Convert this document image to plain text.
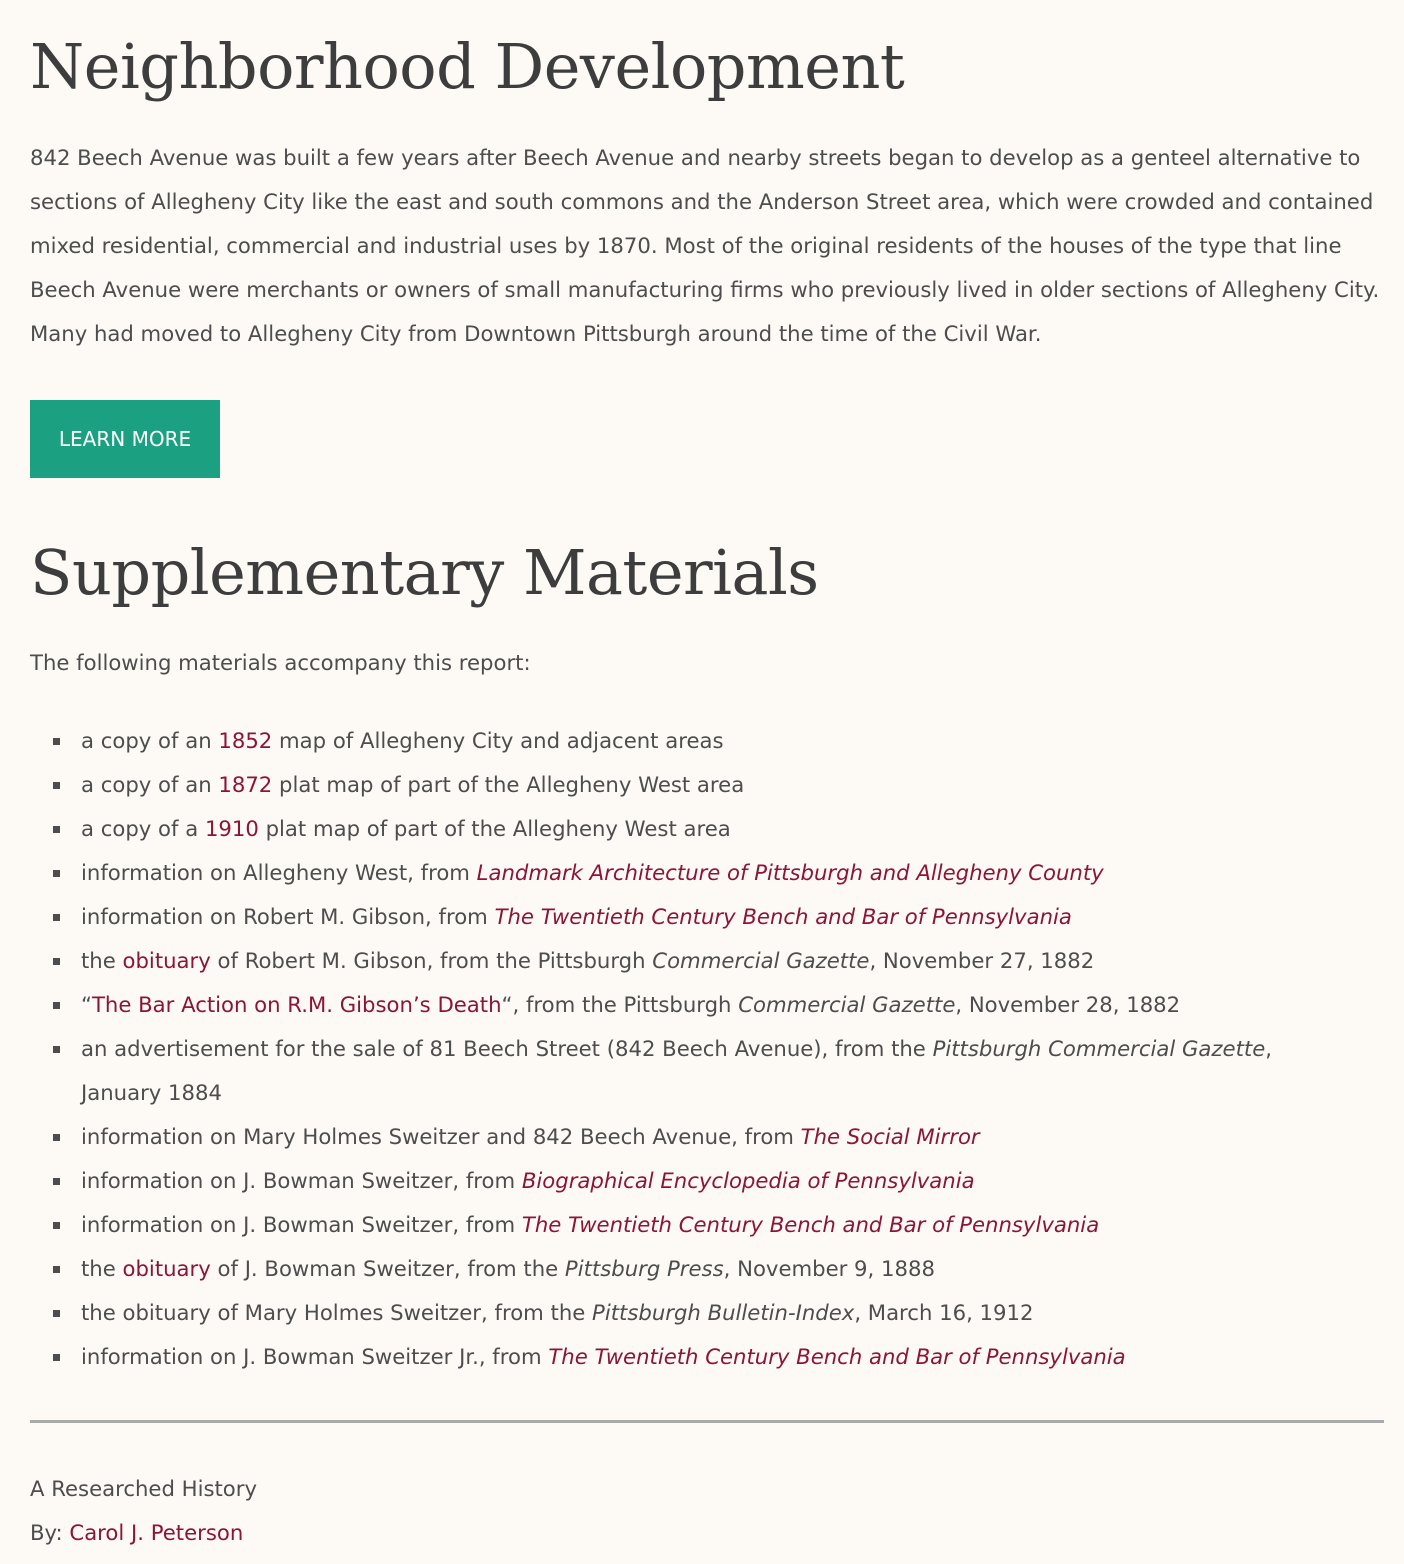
Neighborhood Development

842 Beech Avenue was built a few years after Beech Avenue and nearby streets began to develop as a genteel alternative to sections of Allegheny City like the east and south commons and the Anderson Street area, which were crowded and contained mixed residential, commercial and industrial uses by 1870. Most of the original residents of the houses of the type that line Beech Avenue were merchants or owners of small manufacturing firms who previously lived in older sections of Allegheny City. Many had moved to Allegheny City from Downtown Pittsburgh around the time of the Civil War.

LEARN MORE
Supplementary Materials

The following materials accompany this report:

a copy of an 1852 map of Allegheny City and adjacent areas
a copy of an 1872 plat map of part of the Allegheny West area
a copy of a 1910 plat map of part of the Allegheny West area
information on Allegheny West, from Landmark Architecture of Pittsburgh and Allegheny County
information on Robert M. Gibson, from The Twentieth Century Bench and Bar of Pennsylvania
the obituary of Robert M. Gibson, from the Pittsburgh Commercial Gazette, November 27, 1882
“The Bar Action on R.M. Gibson’s Death“, from the Pittsburgh Commercial Gazette, November 28, 1882
an advertisement for the sale of 81 Beech Street (842 Beech Avenue), from the Pittsburgh Commercial Gazette, January 1884
information on Mary Holmes Sweitzer and 842 Beech Avenue, from The Social Mirror
information on J. Bowman Sweitzer, from Biographical Encyclopedia of Pennsylvania
information on J. Bowman Sweitzer, from The Twentieth Century Bench and Bar of Pennsylvania
the obituary of J. Bowman Sweitzer, from the Pittsburg Press, November 9, 1888
the obituary of Mary Holmes Sweitzer, from the Pittsburgh Bulletin-Index, March 16, 1912
information on J. Bowman Sweitzer Jr., from The Twentieth Century Bench and Bar of Pennsylvania
A Researched History
By: Carol J. Peterson
